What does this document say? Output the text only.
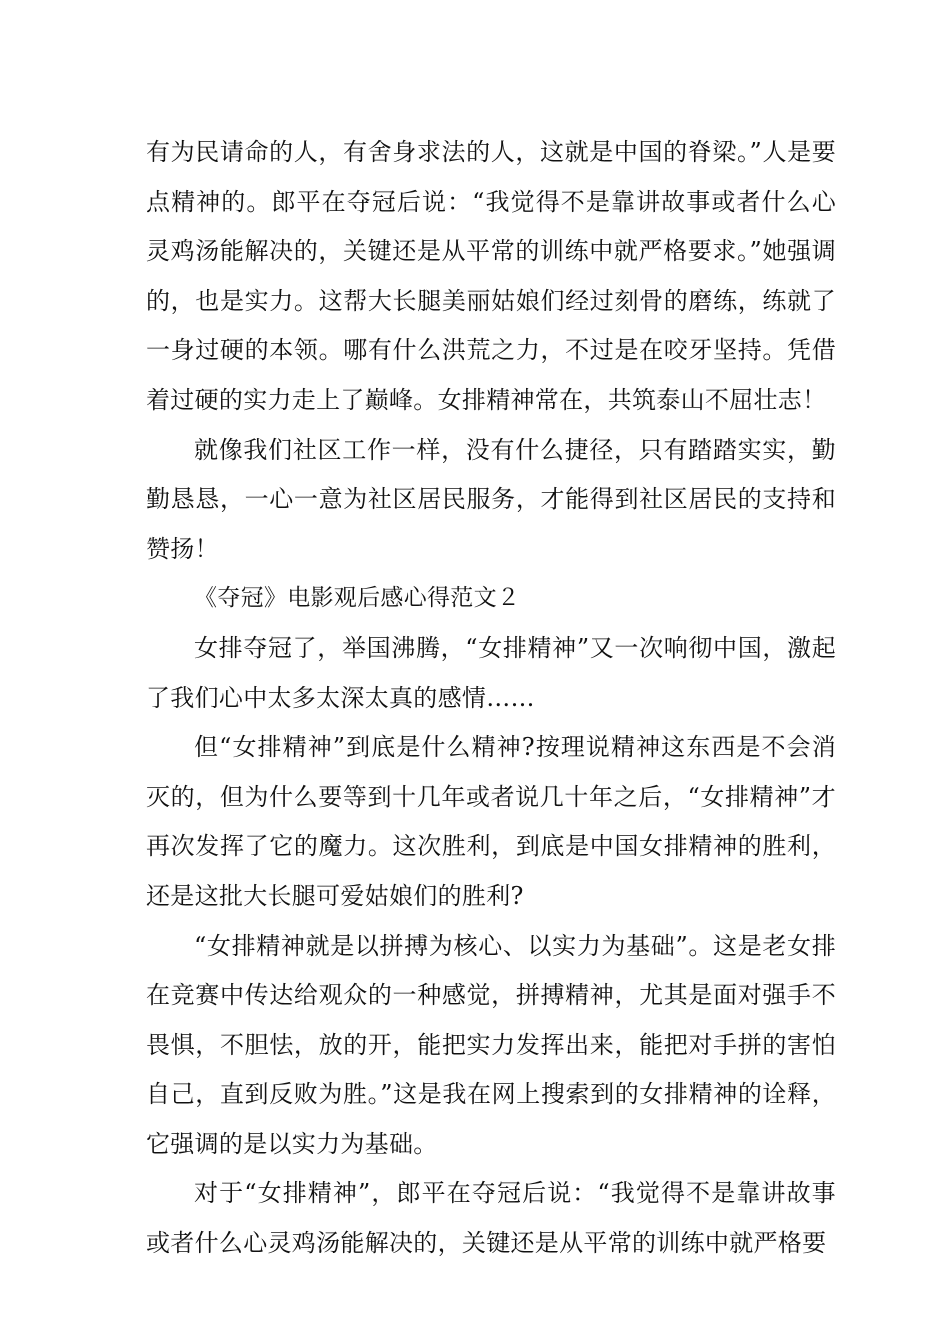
有为民请命的人，有舍身求法的人，这就是中国的脊梁。”人是要点精神的。郎平在夺冠后说：“我觉得不是靠讲故事或者什么心灵鸡汤能解决的，关键还是从平常的训练中就严格要求。”她强调的，也是实力。这帮大长腿美丽姑娘们经过刻骨的磨练，练就了一身过硬的本领。哪有什么洪荒之力，不过是在咬牙坚持。凭借着过硬的实力走上了巅峰。女排精神常在，共筑泰山不屈壮志！

就像我们社区工作一样，没有什么捷径，只有踏踏实实，勤勤恳恳，一心一意为社区居民服务，才能得到社区居民的支持和赞扬！

《夺冠》电影观后感心得范文２

女排夺冠了，举国沸腾，“女排精神”又一次响彻中国，激起了我们心中太多太深太真的感情……

但“女排精神”到底是什么精神?按理说精神这东西是不会消灭的，但为什么要等到十几年或者说几十年之后，“女排精神”才再次发挥了它的魔力。这次胜利，到底是中国女排精神的胜利，还是这批大长腿可爱姑娘们的胜利?

“女排精神就是以拼搏为核心、以实力为基础”。这是老女排在竞赛中传达给观众的一种感觉，拼搏精神，尤其是面对强手不畏惧，不胆怯，放的开，能把实力发挥出来，能把对手拼的害怕自己，直到反败为胜。”这是我在网上搜索到的女排精神的诠释，它强调的是以实力为基础。

对于“女排精神”，郎平在夺冠后说：“我觉得不是靠讲故事或者什么心灵鸡汤能解决的，关键还是从平常的训练中就严格要
